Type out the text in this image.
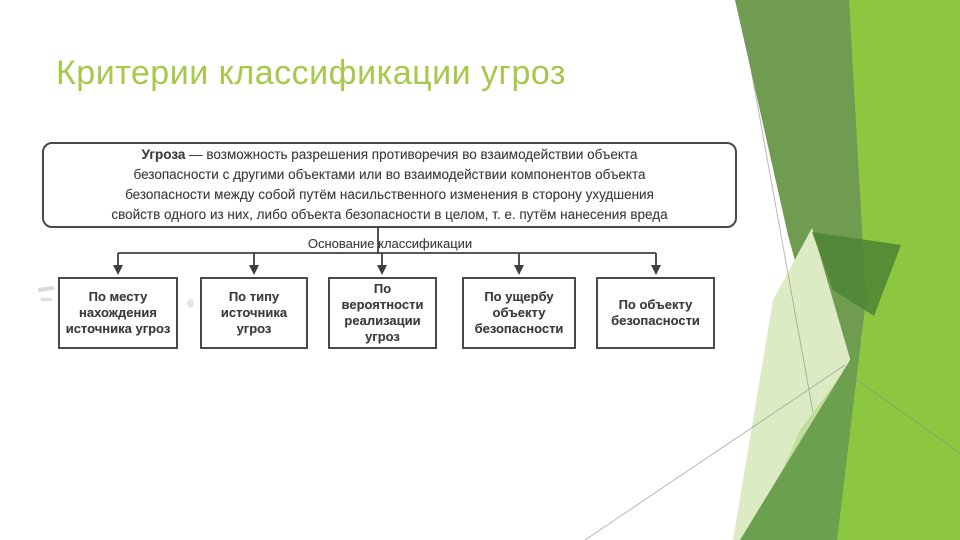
Критерии классификации угроз
Угроза — возможность разрешения противоречия во взаимодействии объекта
безопасности с другими объектами или во взаимодействии компонентов объекта
безопасности между собой путём насильственного изменения в сторону ухудшения
свойств одного из них, либо объекта безопасности в целом, т. е. путём нанесения вреда
Основание классификации
По месту нахождения источника угроз
По типу источника угроз
По вероятности реализации угроз
По ущербу объекту безопасности
По объекту безопасности
